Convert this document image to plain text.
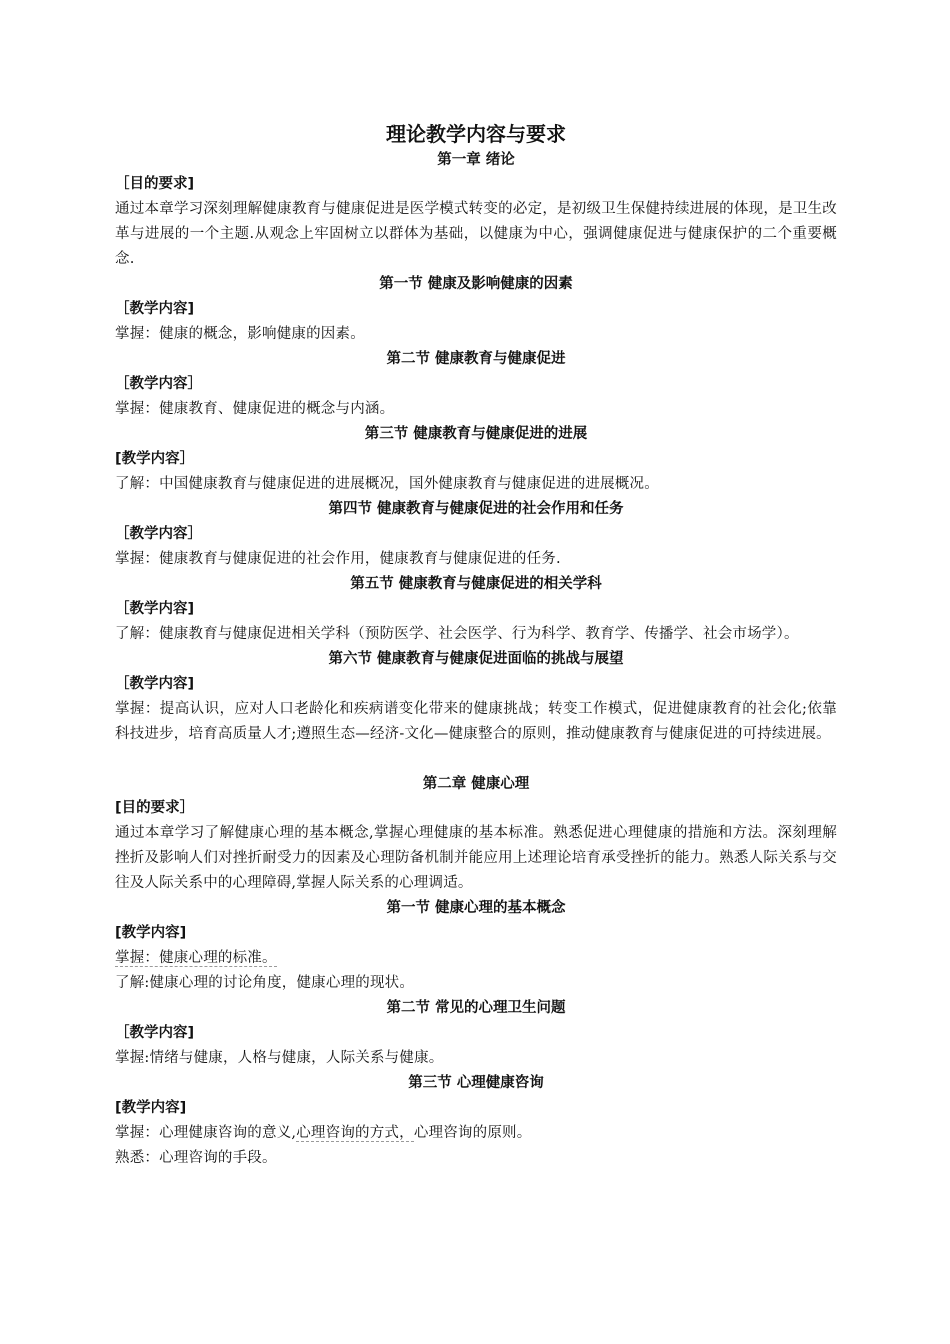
理论教学内容与要求
第一章 绪论

［目的要求]

通过本章学习深刻理解健康教育与健康促进是医学模式转变的必定，是初级卫生保健持续进展的体现，是卫生改革与进展的一个主题.从观念上牢固树立以群体为基础，以健康为中心，强调健康促进与健康保护的二个重要概念.

第一节 健康及影响健康的因素

［教学内容]

掌握：健康的概念，影响健康的因素。

第二节 健康教育与健康促进

［教学内容］

掌握：健康教育、健康促进的概念与内涵。

第三节 健康教育与健康促进的进展

[教学内容］

了解：中国健康教育与健康促进的进展概况，国外健康教育与健康促进的进展概况。

第四节 健康教育与健康促进的社会作用和任务

［教学内容］

掌握：健康教育与健康促进的社会作用，健康教育与健康促进的任务.

第五节 健康教育与健康促进的相关学科

［教学内容]

了解：健康教育与健康促进相关学科（预防医学、社会医学、行为科学、教育学、传播学、社会市场学）。

第六节 健康教育与健康促进面临的挑战与展望

［教学内容]

掌握：提高认识，应对人口老龄化和疾病谱变化带来的健康挑战；转变工作模式，促进健康教育的社会化;依靠科技进步，培育高质量人才;遵照生态—经济-文化—健康整合的原则，推动健康教育与健康促进的可持续进展。

第二章 健康心理

[目的要求］

通过本章学习了解健康心理的基本概念,掌握心理健康的基本标准。熟悉促进心理健康的措施和方法。深刻理解挫折及影响人们对挫折耐受力的因素及心理防备机制并能应用上述理论培育承受挫折的能力。熟悉人际关系与交往及人际关系中的心理障碍,掌握人际关系的心理调适。

第一节 健康心理的基本概念

[教学内容]

掌握：健康心理的标准。

了解:健康心理的讨论角度，健康心理的现状。

第二节 常见的心理卫生问题

［教学内容]

掌握:情绪与健康，人格与健康，人际关系与健康。

第三节 心理健康咨询

[教学内容]

掌握：心理健康咨询的意义,心理咨询的方式，心理咨询的原则。

熟悉：心理咨询的手段。
